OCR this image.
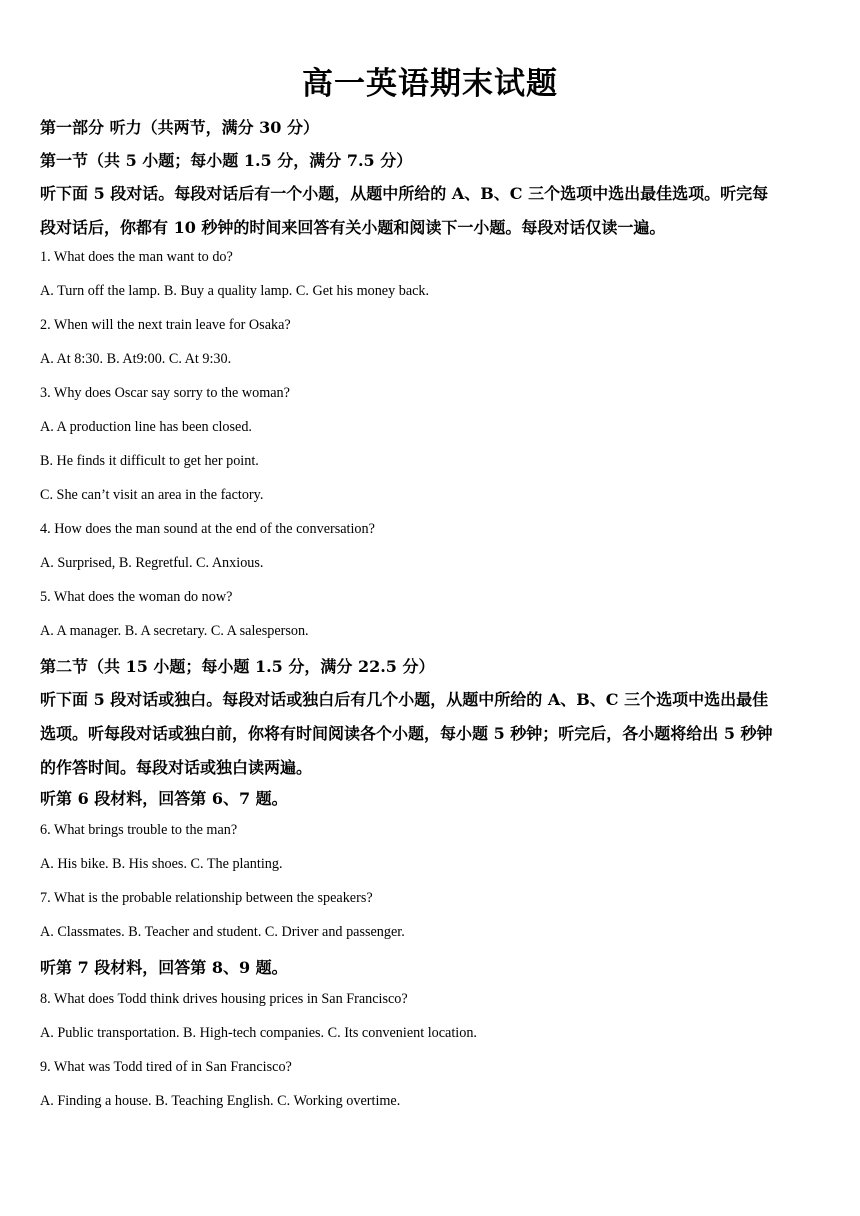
高一英语期末试题
第一部分 听力（共两节，满分 30 分）
第一节（共 5 小题；每小题 1.5 分，满分 7.5 分）
听下面 5 段对话。每段对话后有一个小题，从题中所给的 A、B、C 三个选项中选出最佳选项。听完每
段对话后，你都有 10 秒钟的时间来回答有关小题和阅读下一小题。每段对话仅读一遍。
1. What does the man want to do?
A. Turn off the lamp. B. Buy a quality lamp. C. Get his money back.
2. When will the next train leave for Osaka?
A. At 8:30. B. At9:00. C. At 9:30.
3. Why does Oscar say sorry to the woman?
A. A production line has been closed.
B. He finds it difficult to get her point.
C. She can’t visit an area in the factory.
4. How does the man sound at the end of the conversation?
A. Surprised, B. Regretful. C. Anxious.
5. What does the woman do now?
A. A manager. B. A secretary. C. A salesperson.
第二节（共 15 小题；每小题 1.5 分，满分 22.5 分）
听下面 5 段对话或独白。每段对话或独白后有几个小题，从题中所给的 A、B、C 三个选项中选出最佳
选项。听每段对话或独白前，你将有时间阅读各个小题，每小题 5 秒钟；听完后，各小题将给出 5 秒钟
的作答时间。每段对话或独白读两遍。
听第 6 段材料，回答第 6、7 题。
6. What brings trouble to the man?
A. His bike. B. His shoes. C. The planting.
7. What is the probable relationship between the speakers?
A. Classmates. B. Teacher and student. C. Driver and passenger.
听第 7 段材料，回答第 8、9 题。
8. What does Todd think drives housing prices in San Francisco?
A. Public transportation. B. High-tech companies. C. Its convenient location.
9. What was Todd tired of in San Francisco?
A. Finding a house. B. Teaching English. C. Working overtime.
